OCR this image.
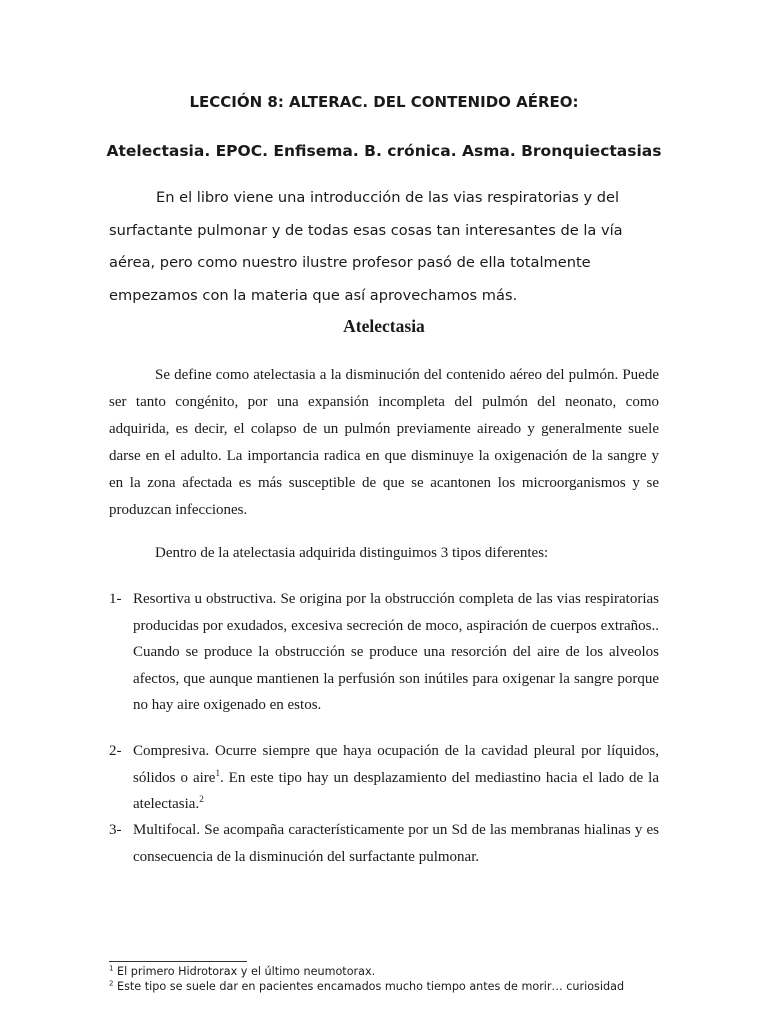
LECCIÓN 8: ALTERAC. DEL CONTENIDO AÉREO:
Atelectasia. EPOC. Enfisema. B. crónica. Asma. Bronquiectasias
En el libro viene una introducción de las vias respiratorias y del surfactante pulmonar y de todas esas cosas tan interesantes de la vía aérea, pero como nuestro ilustre profesor pasó de ella totalmente empezamos con la materia que así aprovechamos más.
Atelectasia
Se define como atelectasia a la disminución del contenido aéreo del pulmón. Puede ser tanto congénito, por una expansión incompleta del pulmón del neonato, como adquirida, es decir, el colapso de un pulmón previamente aireado y generalmente suele darse en el adulto. La importancia radica en que disminuye la oxigenación de la sangre y en la zona afectada es más susceptible de que se acantonen los microorganismos y se produzcan infecciones.
Dentro de la atelectasia adquirida distinguimos 3 tipos diferentes:
1- Resortiva u obstructiva. Se origina por la obstrucción completa de las vias respiratorias producidas por exudados, excesiva secreción de moco, aspiración de cuerpos extraños.. Cuando se produce la obstrucción se produce una resorción del aire de los alveolos afectos, que aunque mantienen la perfusión son inútiles para oxigenar la sangre porque no hay aire oxigenado en estos.
2- Compresiva. Ocurre siempre que haya ocupación de la cavidad pleural por líquidos, sólidos o aire$^1$. En este tipo hay un desplazamiento del mediastino hacia el lado de la atelectasia.$^2$
3- Multifocal. Se acompaña característicamente por un Sd de las membranas hialinas y es consecuencia de la disminución del surfactante pulmonar.
$^1$ El primero Hidrotorax y el último neumotorax.
$^2$ Este tipo se suele dar en pacientes encamados mucho tiempo antes de morir… curiosidad
